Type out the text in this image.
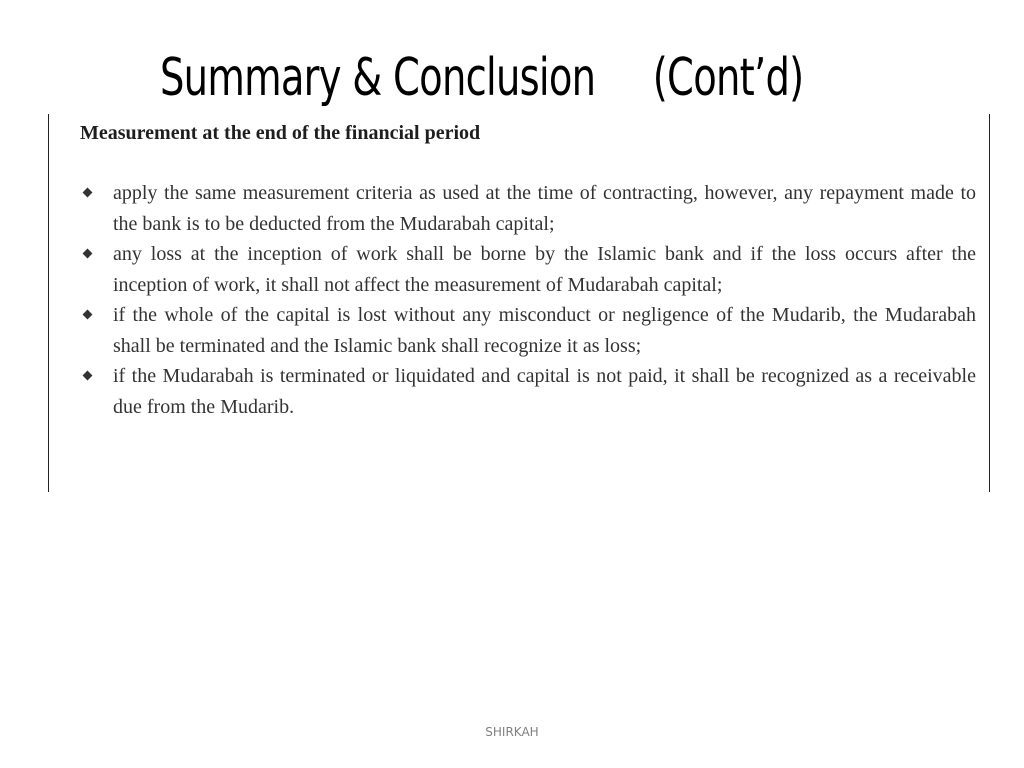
Summary & Conclusion     (Cont’d)
Measurement at the end of the financial period
apply the same measurement criteria as used at the time of contracting, however, any repayment made to the bank is to be deducted from the Mudarabah capital;
any loss at the inception of work shall be borne by the Islamic bank and if the loss occurs after the inception of work, it shall not affect the measurement of Mudarabah capital;
if the whole of the capital is lost without any misconduct or negligence of the Mudarib, the Mudarabah shall be terminated and the Islamic bank shall recognize it as loss;
if the Mudarabah is terminated or liquidated and capital is not paid, it shall be recognized as a receivable due from the Mudarib.
SHIRKAH
